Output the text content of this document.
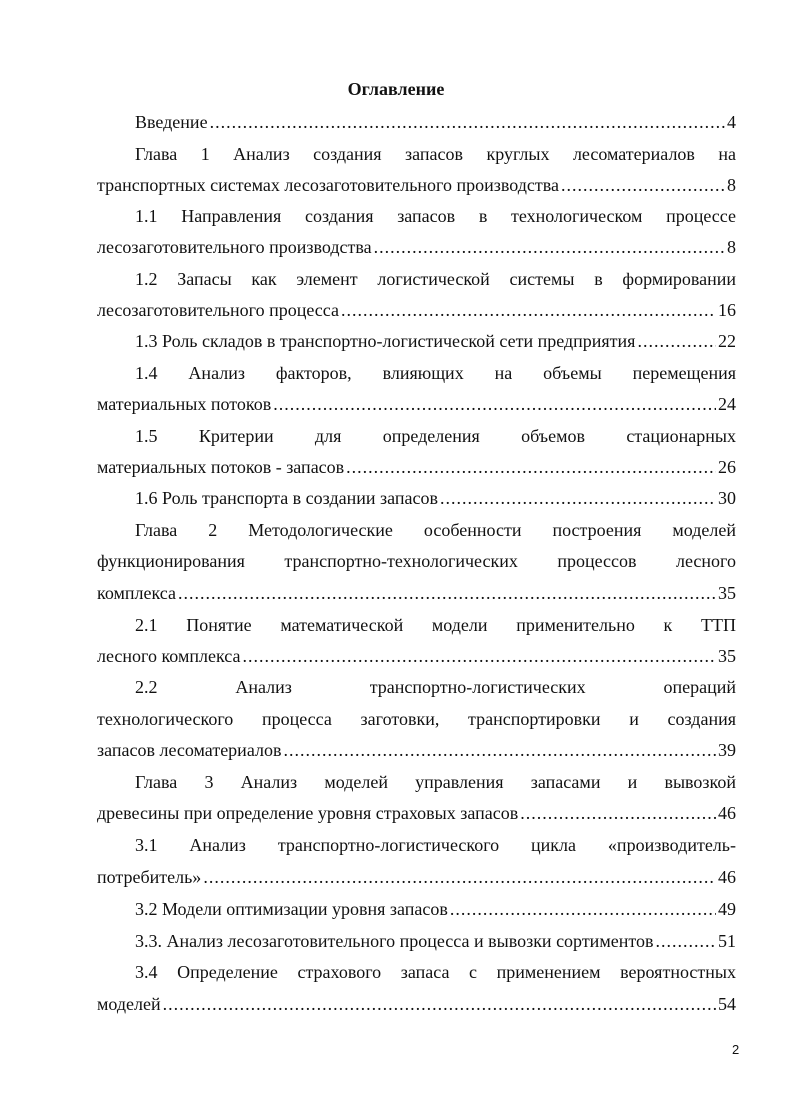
Оглавление
Введение .....	4
Глава 1 Анализ создания запасов круглых лесоматериалов на
транспортных системах лесозаготовительного производства .....	8
1.1 Направления создания запасов в технологическом процессе
лесозаготовительного производства .....	8
1.2 Запасы как элемент логистической системы в формировании
лесозаготовительного процесса .....	16
1.3 Роль складов в транспортно-логистической сети предприятия .....	22
1.4 Анализ факторов, влияющих на объемы перемещения
материальных потоков .....	24
1.5 Критерии для определения объемов стационарных
материальных потоков - запасов .....	26
1.6 Роль транспорта в создании запасов .....	30
Глава 2 Методологические особенности построения моделей
функционирования транспортно-технологических процессов лесного
комплекса .....	35
2.1 Понятие математической модели применительно к ТТП
лесного комплекса .....	35
2.2 Анализ транспортно-логистических операций
технологического процесса заготовки, транспортировки и создания
запасов лесоматериалов .....	39
Глава 3 Анализ моделей управления запасами и вывозкой
древесины при определение уровня страховых запасов .....	46
3.1 Анализ транспортно-логистического цикла «производитель-
потребитель» .....	46
3.2 Модели оптимизации уровня запасов .....	49
3.3. Анализ лесозаготовительного процесса и вывозки сортиментов .....	51
3.4 Определение страхового запаса с применением вероятностных
моделей .....	54
2
